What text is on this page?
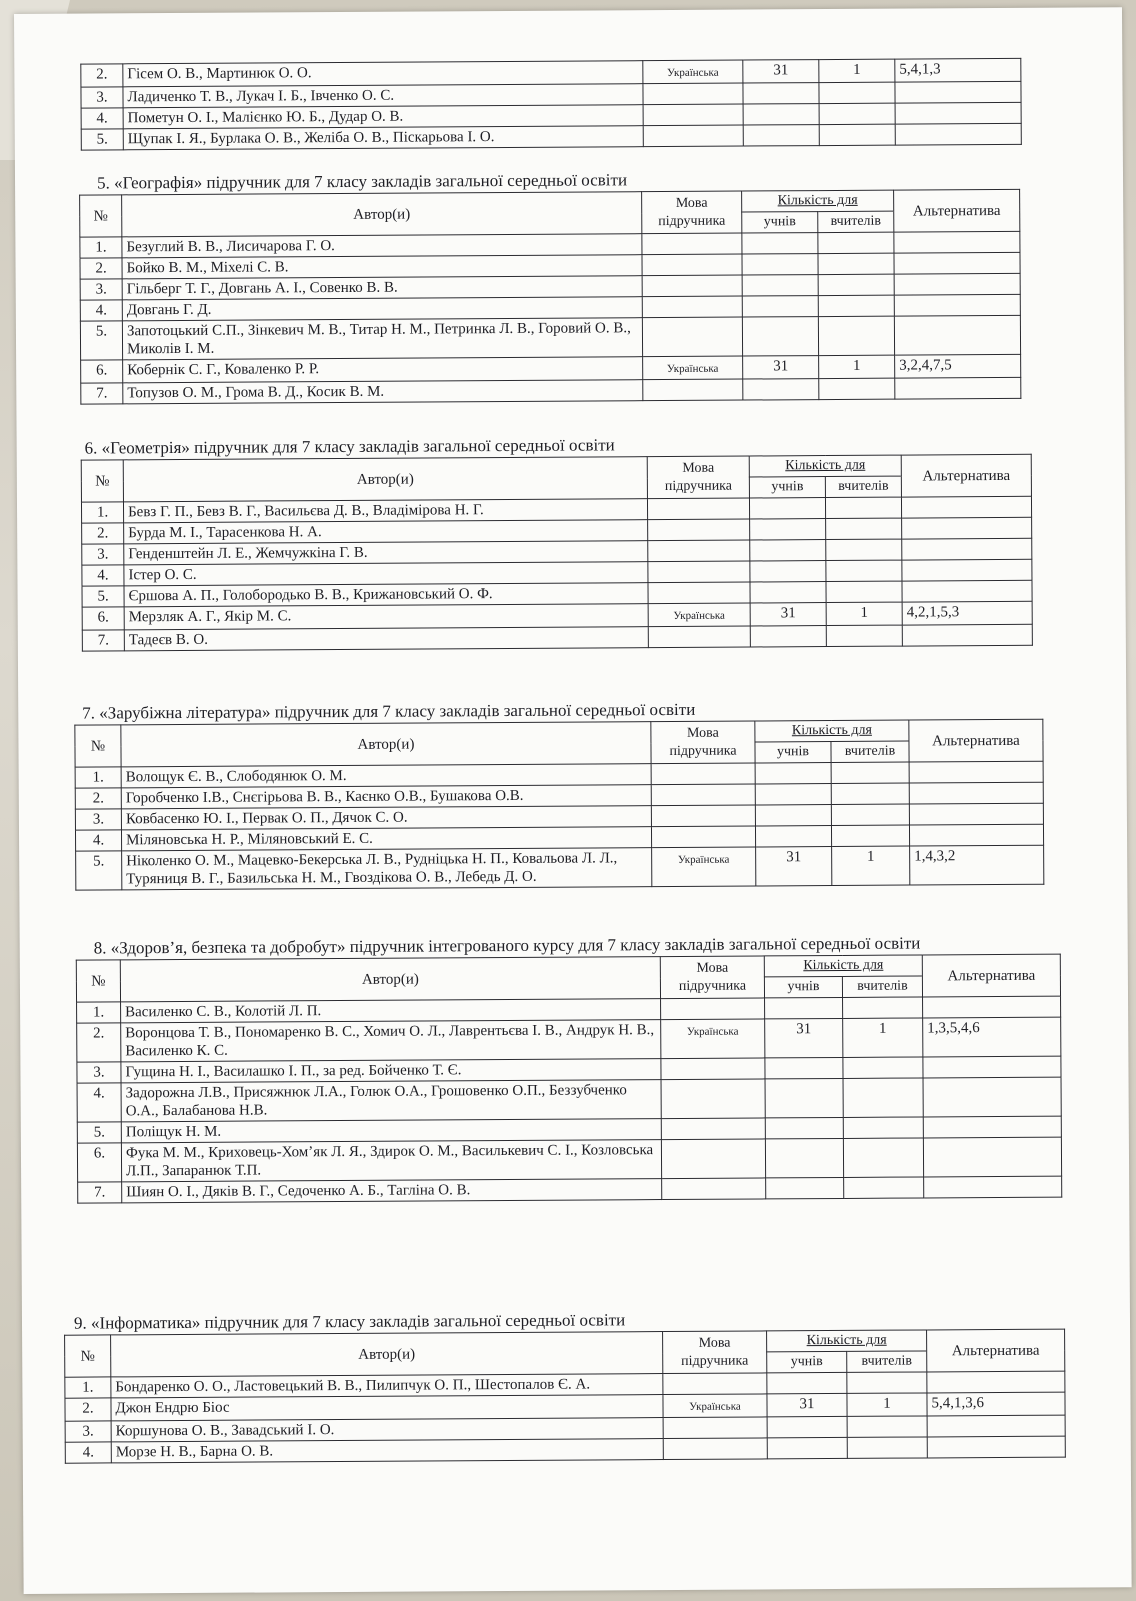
2.	Гісем О. В., Мартинюк О. О.	Українська	31	1	5,4,1,3
3.	Ладиченко Т. В., Лукач І. Б., Івченко О. С.				
4.	Пометун О. І., Малієнко Ю. Б., Дудар О. В.				
5.	Щупак І. Я., Бурлака О. В., Желіба О. В., Піскарьова І. О.				
5. «Географія» підручник для 7 класу закладів загальної середньої освіти
№	Автор(и)	Мова підручника	Кількість для		Альтернатива
			учнів	вчителів	
1.	Безуглий В. В., Лисичарова Г. О.				
2.	Бойко В. М., Міхелі С. В.				
3.	Гільберг Т. Г., Довгань А. І., Совенко В. В.				
4.	Довгань Г. Д.				
5.	Запотоцький С.П., Зінкевич М. В., Титар Н. М., Петринка Л. В., Горовий О. В., Миколів І. М.				
6.	Кобернік С. Г., Коваленко Р. Р.	Українська	31	1	3,2,4,7,5
7.	Топузов О. М., Грома В. Д., Косик В. М.				
6. «Геометрія» підручник для 7 класу закладів загальної середньої освіти
№	Автор(и)	Мова підручника	Кількість для		Альтернатива
			учнів	вчителів	
1.	Бевз Г. П., Бевз В. Г., Васильєва Д. В., Владімірова Н. Г.				
2.	Бурда М. І., Тарасенкова Н. А.				
3.	Генденштейн Л. Е., Жемчужкіна Г. В.				
4.	Істер О. С.				
5.	Єршова А. П., Голобородько В. В., Крижановський О. Ф.				
6.	Мерзляк А. Г., Якір М. С.	Українська	31	1	4,2,1,5,3
7.	Тадеєв В. О.				
7. «Зарубіжна література» підручник для 7 класу закладів загальної середньої освіти
№	Автор(и)	Мова підручника	Кількість для		Альтернатива
			учнів	вчителів	
1.	Волощук Є. В., Слободянюк О. М.				
2.	Горобченко І.В., Снєгірьова В. В., Каєнко О.В., Бушакова О.В.				
3.	Ковбасенко Ю. І., Первак О. П., Дячок С. О.				
4.	Міляновська Н. Р., Міляновський Е. С.				
5.	Ніколенко О. М., Мацевко-Бекерська Л. В., Рудніцька Н. П., Ковальова Л. Л., Туряниця В. Г., Базильська Н. М., Гвоздікова О. В., Лебедь Д. О.	Українська	31	1	1,4,3,2
8. «Здоров’я, безпека та добробут» підручник інтегрованого курсу для 7 класу закладів загальної середньої освіти
№	Автор(и)	Мова підручника	Кількість для		Альтернатива
			учнів	вчителів	
1.	Василенко С. В., Колотій Л. П.				
2.	Воронцова Т. В., Пономаренко В. С., Хомич О. Л., Лаврентьєва І. В., Андрук Н. В., Василенко К. С.	Українська	31	1	1,3,5,4,6
3.	Гущина Н. І., Василашко І. П., за ред. Бойченко Т. Є.				
4.	Задорожна Л.В., Присяжнюк Л.А., Голюк О.А., Грошовенко О.П., Беззубченко О.А., Балабанова Н.В.				
5.	Поліщук Н. М.				
6.	Фука М. М., Криховець-Хом’як Л. Я., Здирок О. М., Василькевич С. І., Козловська Л.П., Запаранюк Т.П.				
7.	Шиян О. І., Дяків В. Г., Седоченко А. Б., Таглiна О. В.				
9. «Інформатика» підручник для 7 класу закладів загальної середньої освіти
№	Автор(и)	Мова підручника	Кількість для		Альтернатива
			учнів	вчителів	
1.	Бондаренко О. О., Ластовецький В. В., Пилипчук О. П., Шестопалов Є. А.				
2.	Джон Ендрю Біос	Українська	31	1	5,4,1,3,6
3.	Коршунова О. В., Завадський І. О.				
4.	Морзе Н. В., Барна О. В.				
